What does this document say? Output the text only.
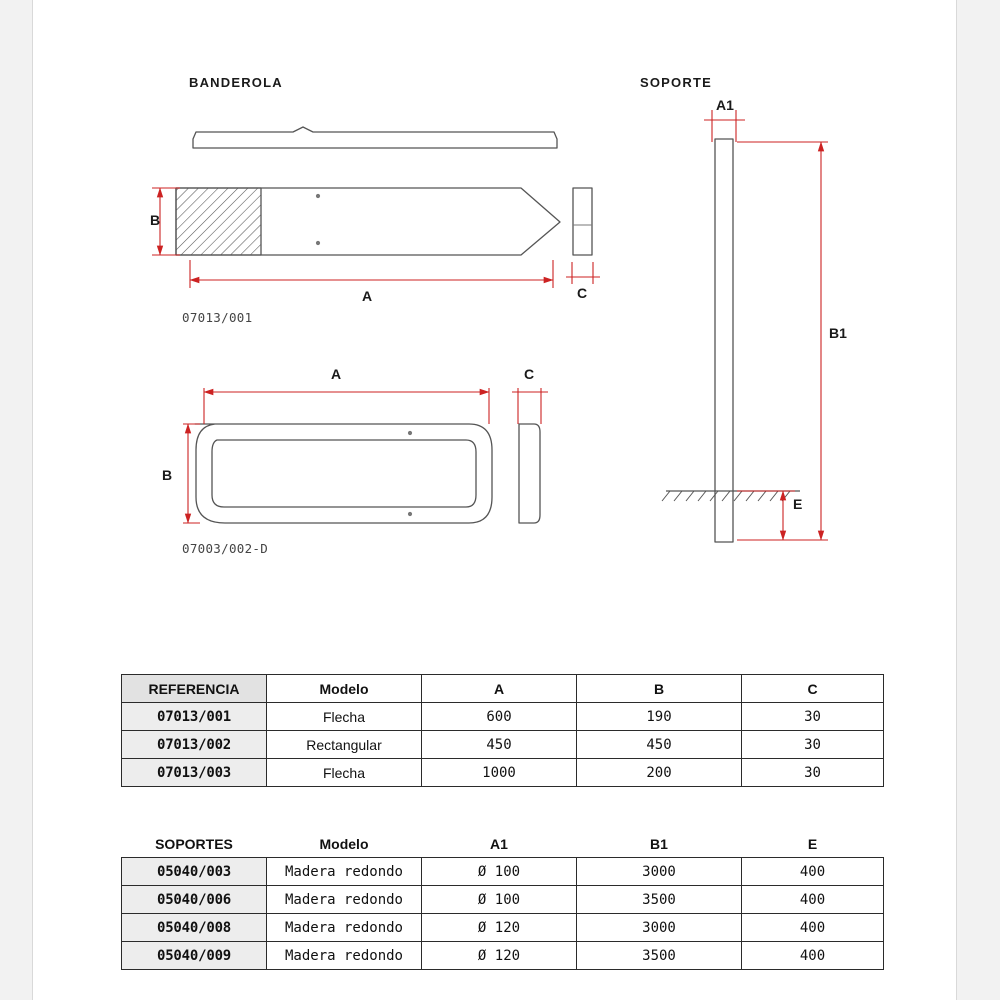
BANDEROLA	SOPORTE
07013/001
07003/002-D
B
A	C
A
B
C
A1
B1
E
REFERENCIA	Modelo	A	B	C
07013/001	Flecha	600	190	30
07013/002	Rectangular	450	450	30
07013/003	Flecha	1000	200	30
SOPORTES	Modelo	A1	B1	E
05040/003	Madera redondo	Ø 100	3000	400
05040/006	Madera redondo	Ø 100	3500	400
05040/008	Madera redondo	Ø 120	3000	400
05040/009	Madera redondo	Ø 120	3500	400
